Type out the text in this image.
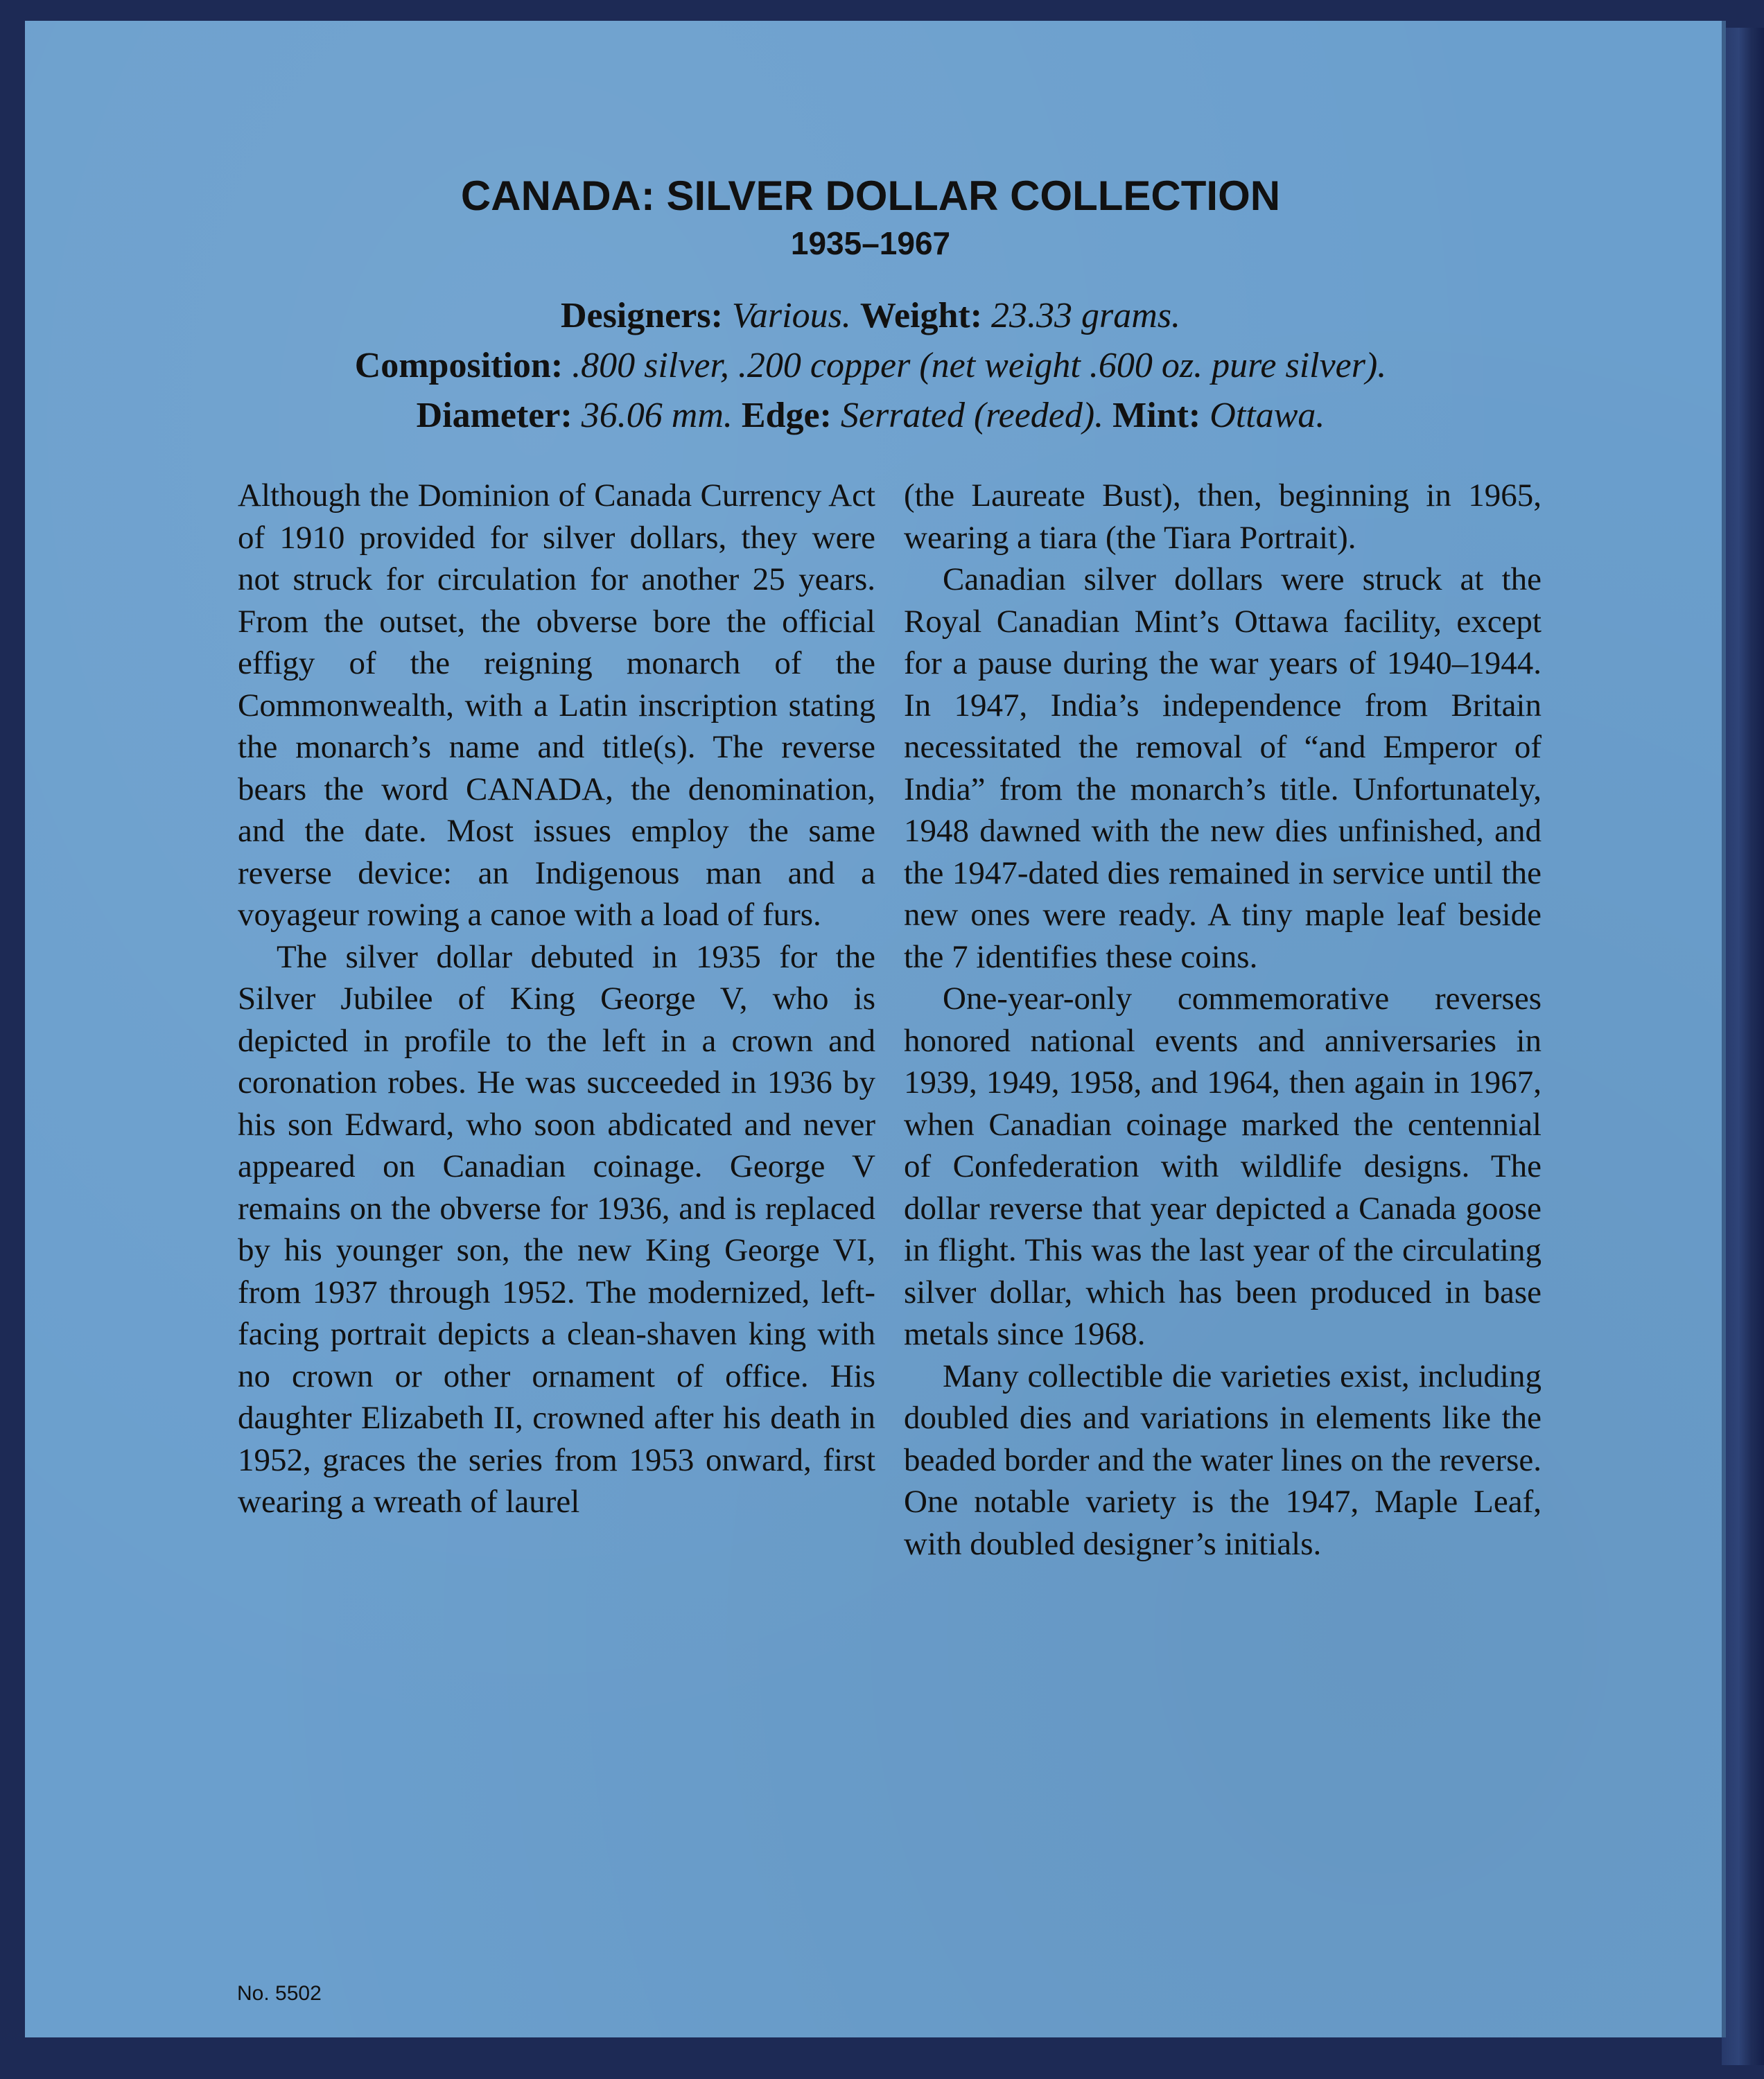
CANADA: SILVER DOLLAR COLLECTION
1935–1967
Designers: Various. Weight: 23.33 grams.
Composition: .800 silver, .200 copper (net weight .600 oz. pure silver).
Diameter: 36.06 mm. Edge: Serrated (reeded). Mint: Ottawa.

Although the Dominion of Canada Currency Act of 1910 provided for silver dollars, they were not struck for circulation for another 25 years. From the outset, the obverse bore the official effigy of the reigning monarch of the Commonwealth, with a Latin inscription stating the monarch’s name and title(s). The reverse bears the word CANADA, the denomination, and the date. Most issues employ the same reverse device: an Indigenous man and a voyageur rowing a canoe with a load of furs.

The silver dollar debuted in 1935 for the Silver Jubilee of King George V, who is depicted in profile to the left in a crown and coronation robes. He was succeeded in 1936 by his son Edward, who soon abdicated and never appeared on Canadian coinage. George V remains on the obverse for 1936, and is replaced by his younger son, the new King George VI, from 1937 through 1952. The modernized, left-facing portrait depicts a clean-shaven king with no crown or other ornament of office. His daughter Elizabeth II, crowned after his death in 1952, graces the series from 1953 onward, first wearing a wreath of laurel

(the Laureate Bust), then, beginning in 1965, wearing a tiara (the Tiara Portrait).

Canadian silver dollars were struck at the Royal Canadian Mint’s Ottawa facility, except for a pause during the war years of 1940–1944. In 1947, India’s independence from Britain necessitated the removal of “and Emperor of India” from the monarch’s title. Unfortunately, 1948 dawned with the new dies unfinished, and the 1947-dated dies remained in service until the new ones were ready. A tiny maple leaf beside the 7 identifies these coins.

One-year-only commemorative reverses honored national events and anniversaries in 1939, 1949, 1958, and 1964, then again in 1967, when Canadian coinage marked the centennial of Confederation with wildlife designs. The dollar reverse that year depicted a Canada goose in flight. This was the last year of the circulating silver dollar, which has been produced in base metals since 1968.

Many collectible die varieties exist, including doubled dies and variations in elements like the beaded border and the water lines on the reverse. One notable variety is the 1947, Maple Leaf, with doubled designer’s initials.

No. 5502
